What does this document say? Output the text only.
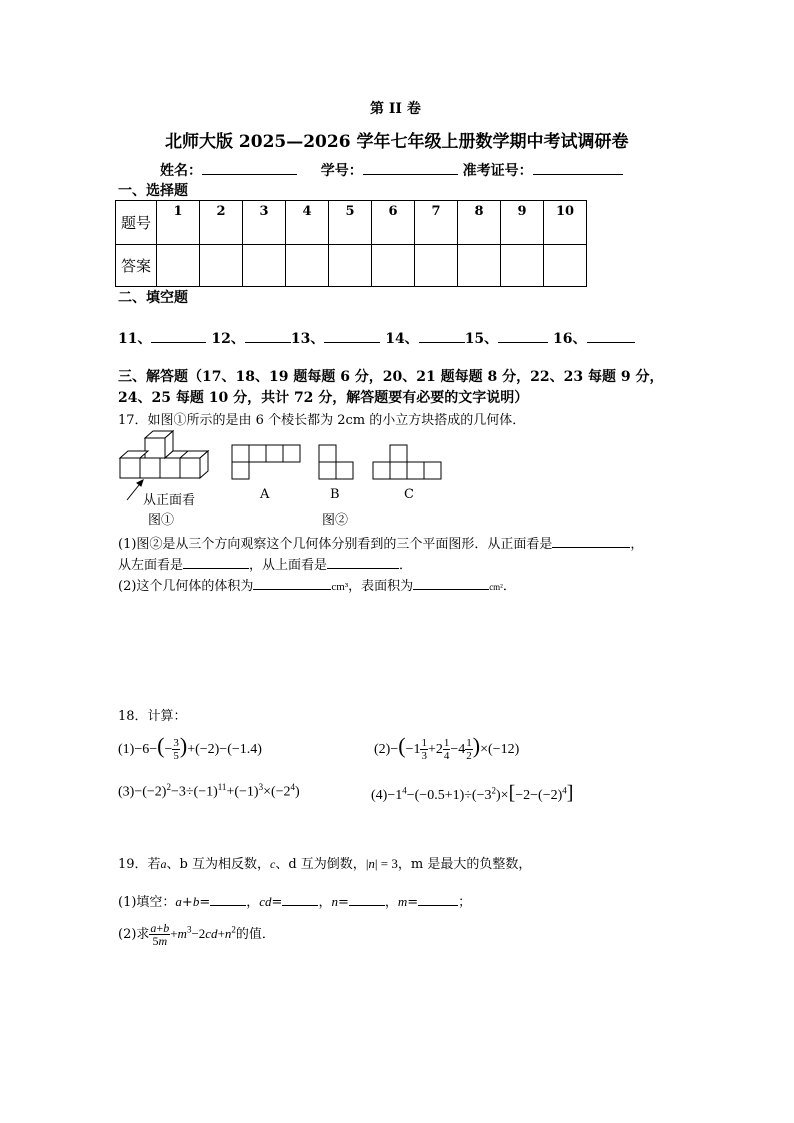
第 II 卷
北师大版 2025—2026 学年七年级上册数学期中考试调研卷
姓名：	学号：	准考证号：
一、选择题
题号	1	2	3	4	5	6	7	8	9	10
答案										
二、填空题
11、	12、	13、	14、	15、	16、
三、解答题（17、18、19 题每题 6 分，20、21 题每题 8 分，22、23 每题 9 分，
24、25 每题 10 分，共计 72 分，解答题要有必要的文字说明）
17．如图①所示的是由 6 个棱长都为 2cm 的小立方块搭成的几何体．
从正面看
图①
A	B	C
图②
(1)图②是从三个方向观察这个几何体分别看到的三个平面图形．从正面看是	，
从左面看是	，从上面看是	．
(2)这个几何体的体积为	cm³，表面积为	cm²．
18．计算：
$(1)-6-(- \frac{3}{5} )+(-2)-(-1.4)$	$(2)-(-1 \frac{1}{3} +2 \frac{1}{4} -4 \frac{1}{2} )\times(-12)$
$(3)-(-2)^2-3\div(-1)^{11}+(-1)^3\times(-2^4)$	$(4)-1^4-(-0.5+1)\div(-3^2)\times[-2-(-2)^4]$
19．若a、b 互为相反数，c、d 互为倒数，|n| = 3，m 是最大的负整数，
(1)填空：a+b=	，cd=	，n=	，m=	；
(2)求 $\frac{a+b}{5m} +m^3-2cd+n^2$的值．
